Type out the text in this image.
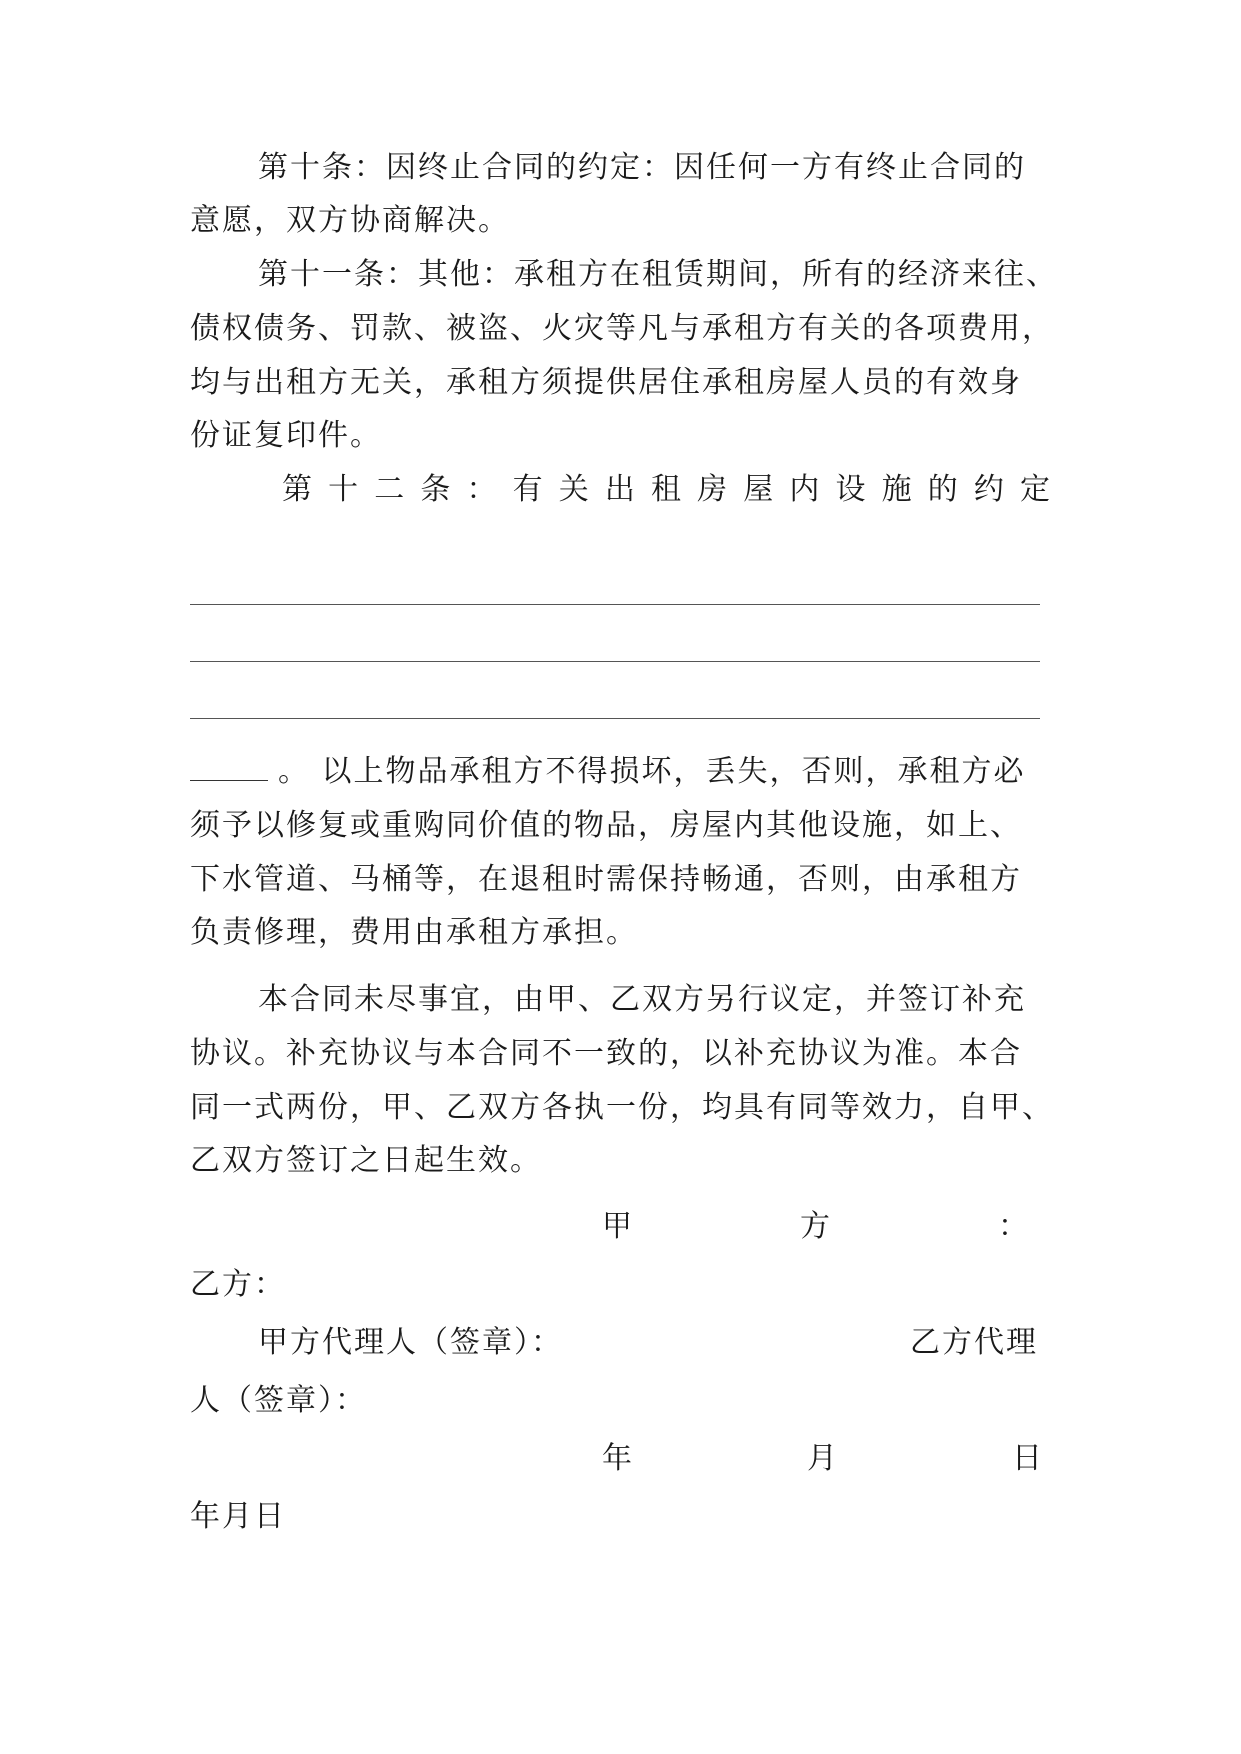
第十条：因终止合同的约定：因任何一方有终止合同的
意愿，双方协商解决。
第十一条：其他：承租方在租赁期间，所有的经济来往、
债权债务、罚款、被盗、火灾等凡与承租方有关的各项费用，
均与出租方无关，承租方须提供居住承租房屋人员的有效身
份证复印件。
第 十 二 条 ： 有 关 出 租 房 屋 内 设 施 的 约 定
。 以上物品承租方不得损坏，丢失，否则，承租方必
须予以修复或重购同价值的物品，房屋内其他设施，如上、
下水管道、马桶等，在退租时需保持畅通，否则，由承租方
负责修理，费用由承租方承担。
本合同未尽事宜，由甲、乙双方另行议定，并签订补充
协议。补充协议与本合同不一致的，以补充协议为准。本合
同一式两份，甲、乙双方各执一份，均具有同等效力，自甲、
乙双方签订之日起生效。
甲	方	：
乙方：
甲方代理人（签章）：	乙方代理
人（签章）：
年	月	日
年月日
